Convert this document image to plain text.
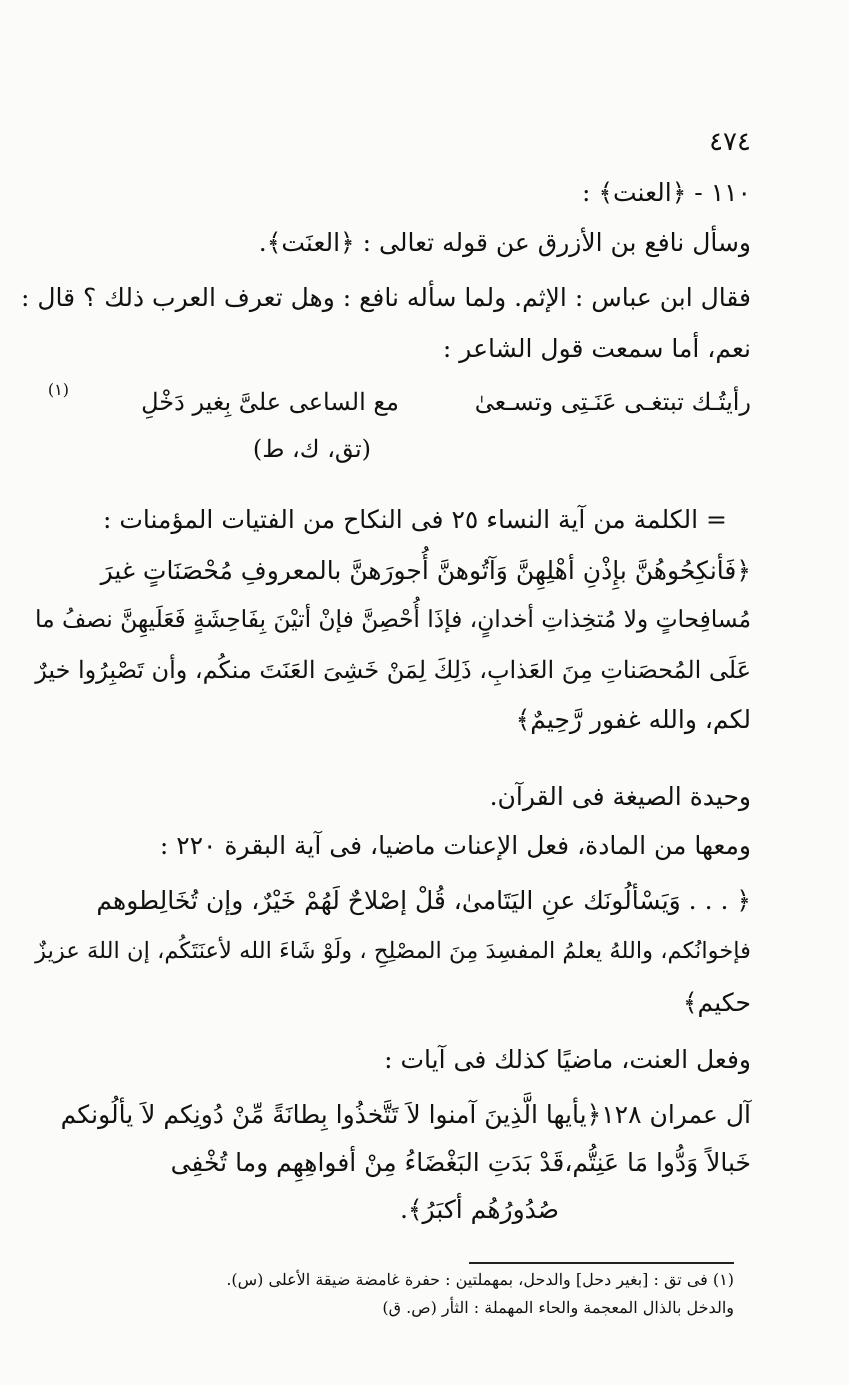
٤٧٤
١١٠ - ﴿العنت﴾ :
وسأل نافع بن الأزرق عن قوله تعالى : ﴿العنَت﴾.
فقال ابن عباس : الإثم. ولما سأله نافع : وهل تعرف العرب ذلك ؟ قال :
نعم، أما سمعت قول الشاعر :
رأيتُـك تبتغـى عَنَـتِى وتسـعىٰ
مع الساعى علىَّ بِغير دَخْلِ
(١)
(تق، ك، ط)
= الكلمة من آية النساء ٢٥ فى النكاح من الفتيات المؤمنات :
﴿فَأنكِحُوهُنَّ بإِذْنِ أهْلِهِنَّ وَآتُوهنَّ أُجورَهنَّ بالمعروفِ مُحْصَنَاتٍ غيرَ
مُسافِحاتٍ ولا مُتخِذاتِ أخدانٍ، فإذَا أُحْصِنَّ فإنْ أتيْنَ بِفَاحِشَةٍ فَعَلَيهِنَّ نصفُ ما
عَلَى المُحصَناتِ مِنَ العَذابِ، ذَلِكَ لِمَنْ خَشِىَ العَنَتَ منكُم، وأن تَصْبِرُوا خيرٌ
لكم، والله غفور رَّحِيمٌ﴾
وحيدة الصيغة فى القرآن.
ومعها من المادة، فعل الإعنات ماضيا، فى آية البقرة ٢٢٠ :
﴿ . . . وَيَسْألُونَك عنِ اليَتَامىٰ، قُلْ إصْلاحٌ لَهُمْ خَيْرٌ، وإن تُخَالِطوهم
فإخوانُكم، واللهُ يعلمُ المفسِدَ مِنَ المصْلِحِ ، ولَوْ شَاءَ الله لأعنَتَكُم، إن اللهَ عزيزٌ
حكيم﴾
وفعل العنت، ماضيًا كذلك فى آيات :
آل عمران ١٢٨﴿يأيها الَّذِينَ آمنوا لاَ تَتَّخذُوا بِطانَةً مِّنْ دُونِكم لاَ يألُونكم
خَبالاً وَدُّوا مَا عَنِتُّم،قَدْ بَدَتِ البَغْضَاءُ مِنْ أفواهِهِم وما تُخْفِى
صُدُورُهُم أكبَرُ﴾.
(١) فى تق : [بغير دحل] والدحل، بمهملتين : حفرة غامضة ضيقة الأعلى (س).
والدخل بالذال المعجمة والحاء المهملة : الثأر (ص. ق)
